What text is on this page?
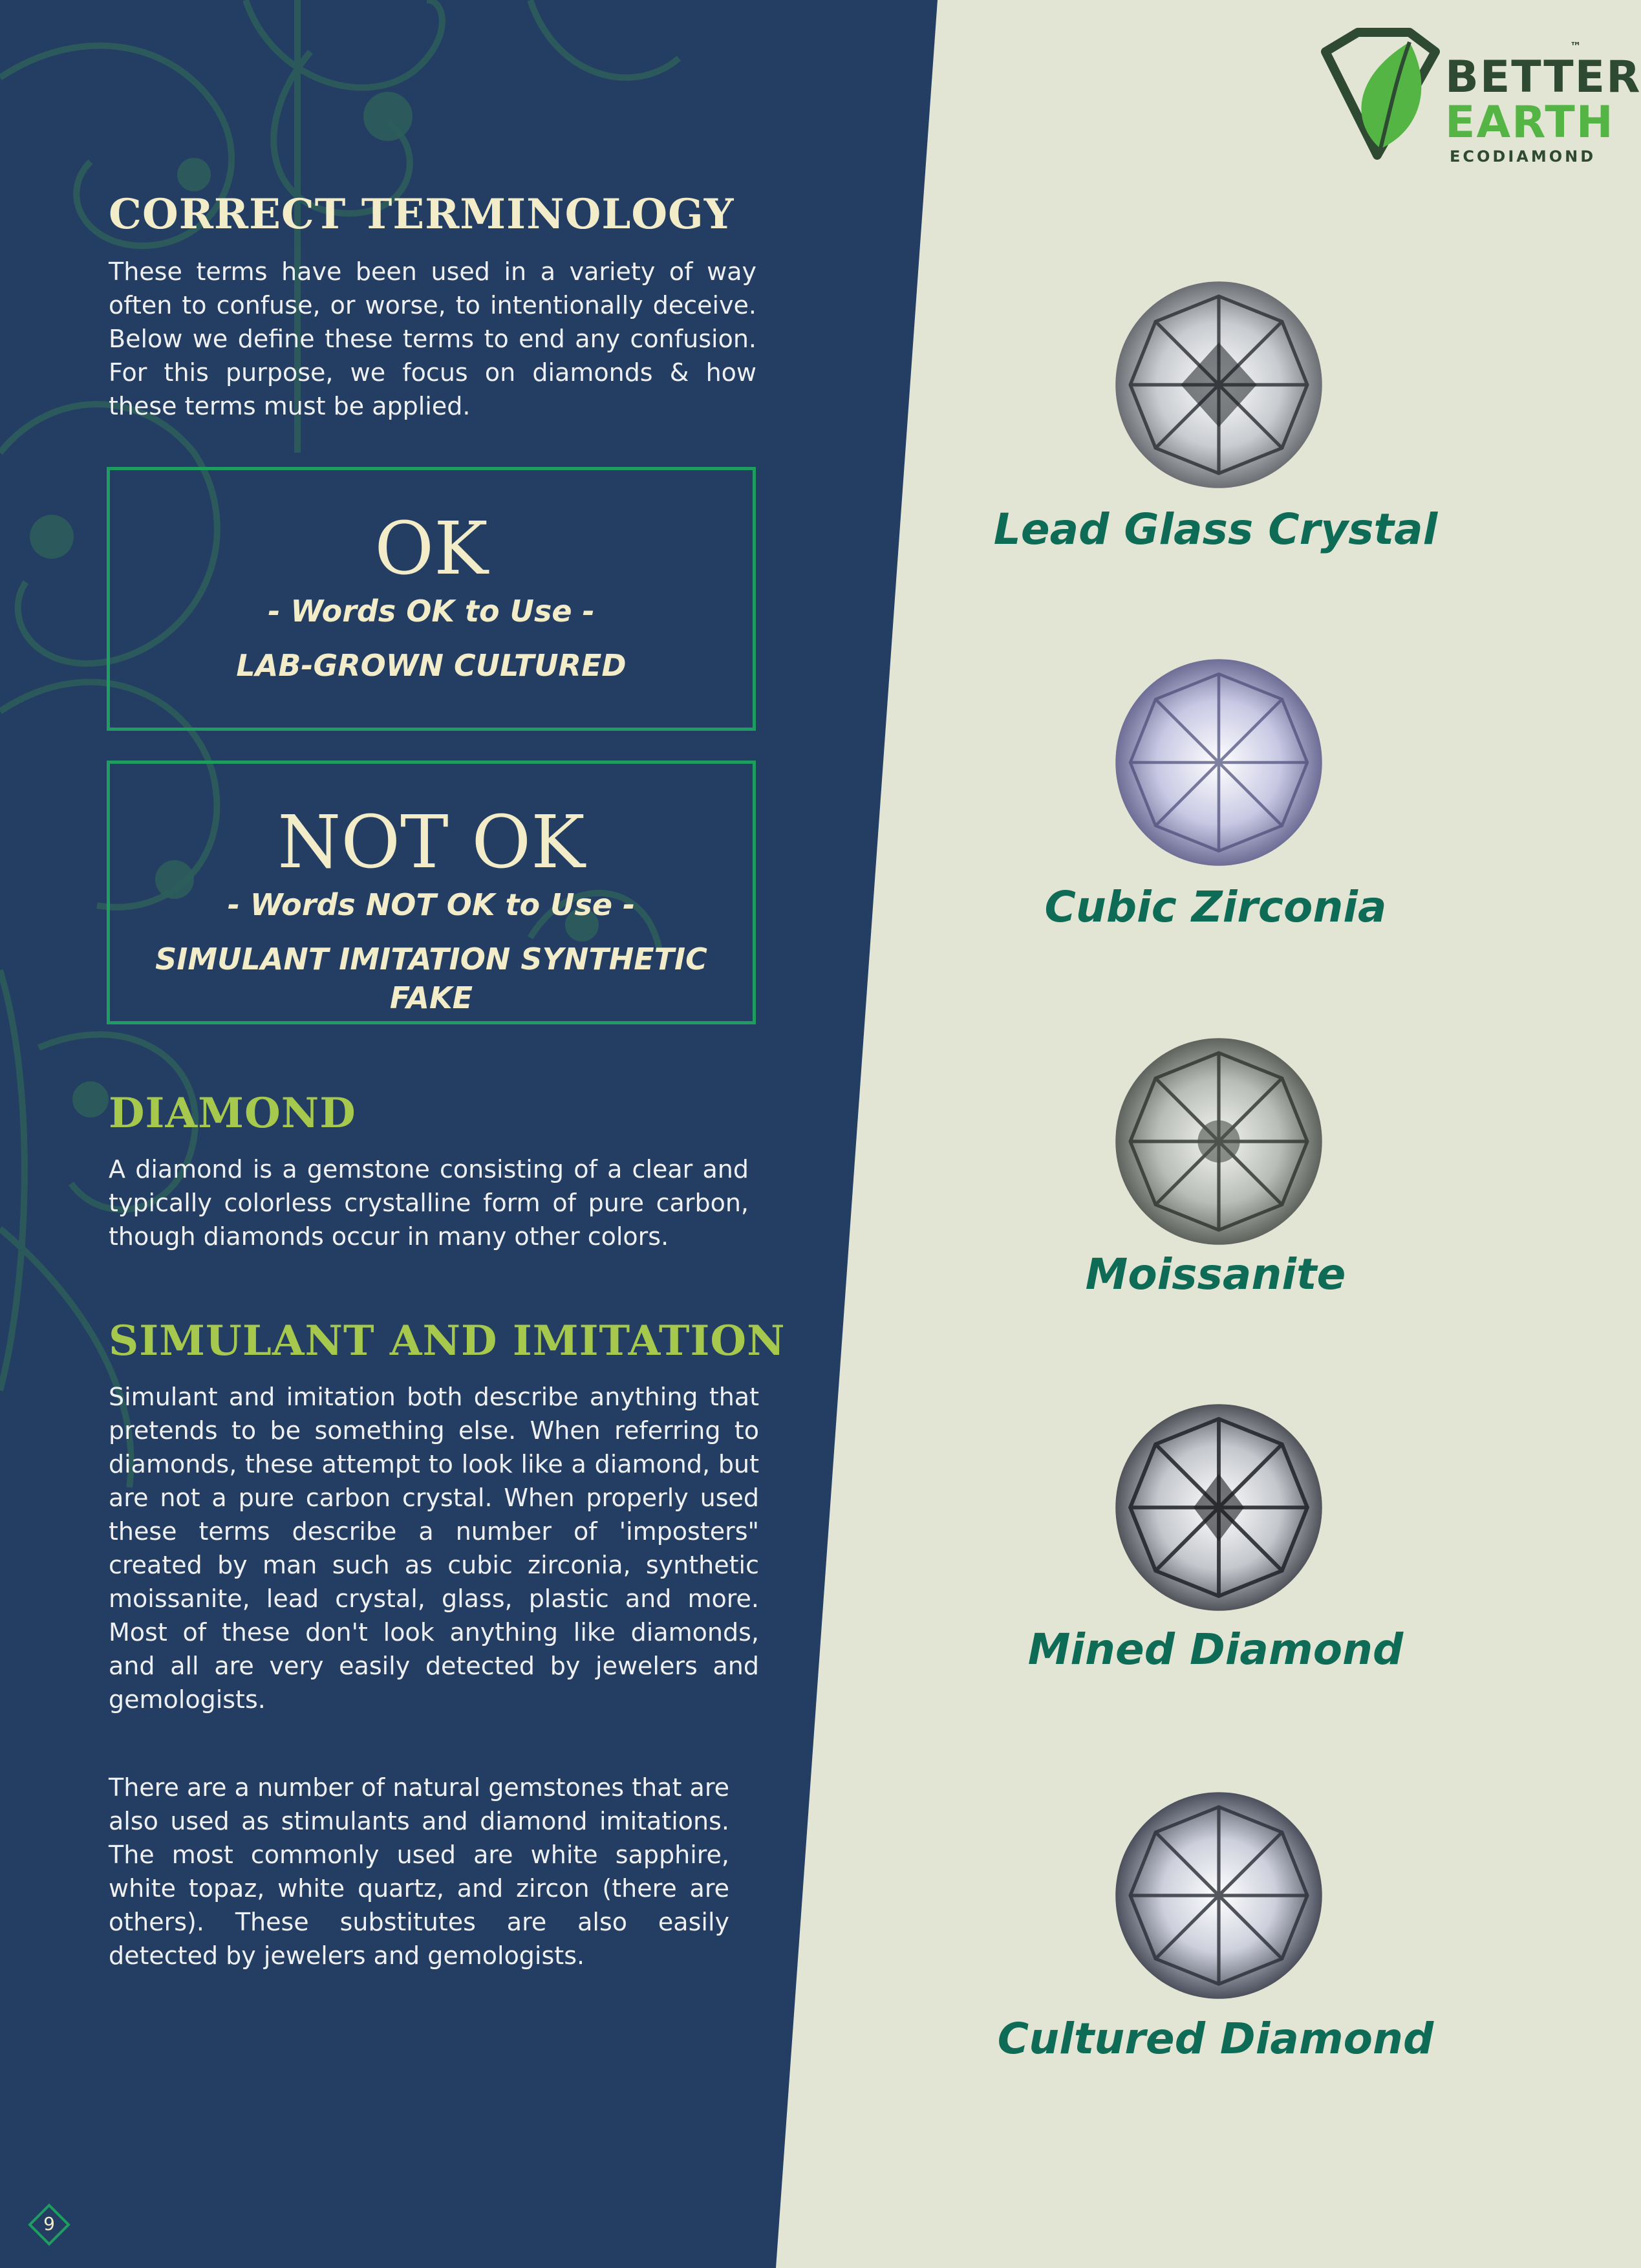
BETTER
EARTH
ECODIAMOND
™
CORRECT TERMINOLOGY

These terms have been used in a variety of way often to confuse, or worse, to intentionally deceive. Below we define these terms to end any confusion. For this purpose, we focus on diamonds & how these terms must be applied.

OK
- Words OK to Use -
LAB-GROWN CULTURED
NOT OK
- Words NOT OK to Use -
SIMULANT IMITATION SYNTHETIC FAKE
DIAMOND

A diamond is a gemstone consisting of a clear and typically colorless crystalline form of pure carbon, though diamonds occur in many other colors.

SIMULANT AND IMITATION

Simulant and imitation both describe anything that pretends to be something else. When referring to diamonds, these attempt to look like a diamond, but are not a pure carbon crystal. When properly used these terms describe a number of 'imposters" created by man such as cubic zirconia, synthetic moissanite, lead crystal, glass, plastic and more. Most of these don't look anything like diamonds, and all are very easily detected by jewelers and gemologists.

There are a number of natural gemstones that are also used as stimulants and diamond imitations. The most commonly used are white sapphire, white topaz, white quartz, and zircon (there are others). These substitutes are also easily detected by jewelers and gemologists.

Lead Glass Crystal
Cubic Zirconia
Moissanite
Mined Diamond
Cultured Diamond
9
